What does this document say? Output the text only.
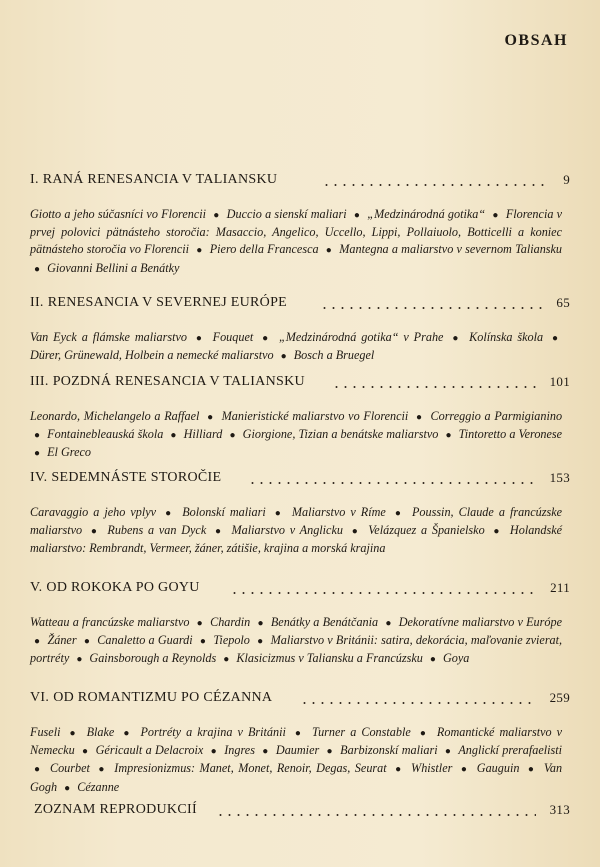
OBSAH
I. RANÁ RENESANCIA V TALIANSKU	9
Giotto a jeho súčasníci vo Florencii ● Duccio a sienskí maliari ● „Medzinárodná gotika“ ● Florencia v prvej polovici pätnásteho storočia: Masaccio, Angelico, Uccello, Lippi, Pollaiuolo, Botticelli a koniec pätnásteho storočia vo Florencii ● Piero della Francesca ● Mantegna a maliarstvo v severnom Taliansku ● Giovanni Bellini a Benátky
II. RENESANCIA V SEVERNEJ EURÓPE	65
Van Eyck a flámske maliarstvo ● Fouquet ● „Medzinárodná gotika“ v Prahe ● Kolínska škola ● Dürer, Grünewald, Holbein a nemecké maliarstvo ● Bosch a Bruegel
III. POZDNÁ RENESANCIA V TALIANSKU	101
Leonardo, Michelangelo a Raffael ● Manieristické maliarstvo vo Florencii ● Correggio a Parmigianino ● Fontainebleauská škola ● Hilliard ● Giorgione, Tizian a benátske maliarstvo ● Tintoretto a Veronese ● El Greco
IV. SEDEMNÁSTE STOROČIE	153
Caravaggio a jeho vplyv ● Bolonskí maliari ● Maliarstvo v Ríme ● Poussin, Claude a francúzske maliarstvo ● Rubens a van Dyck ● Maliarstvo v Anglicku ● Velázquez a Španielsko ● Holandské maliarstvo: Rembrandt, Vermeer, žáner, zátišie, krajina a morská krajina
V. OD ROKOKA PO GOYU	211
Watteau a francúzske maliarstvo ● Chardin ● Benátky a Benátčania ● Dekoratívne maliarstvo v Európe ● Žáner ● Canaletto a Guardi ● Tiepolo ● Maliarstvo v Británii: satira, dekorácia, maľovanie zvierat, portréty ● Gainsborough a Reynolds ● Klasicizmus v Taliansku a Francúzsku ● Goya
VI. OD ROMANTIZMU PO CÉZANNA	259
Fuseli ● Blake ● Portréty a krajina v Británii ● Turner a Constable ● Romantické maliarstvo v Nemecku ● Géricault a Delacroix ● Ingres ● Daumier ● Barbizonskí maliari ● Anglickí prerafaelisti ● Courbet ● Impresionizmus: Manet, Monet, Renoir, Degas, Seurat ● Whistler ● Gauguin ● Van Gogh ● Cézanne
ZOZNAM REPRODUKCIÍ	313
